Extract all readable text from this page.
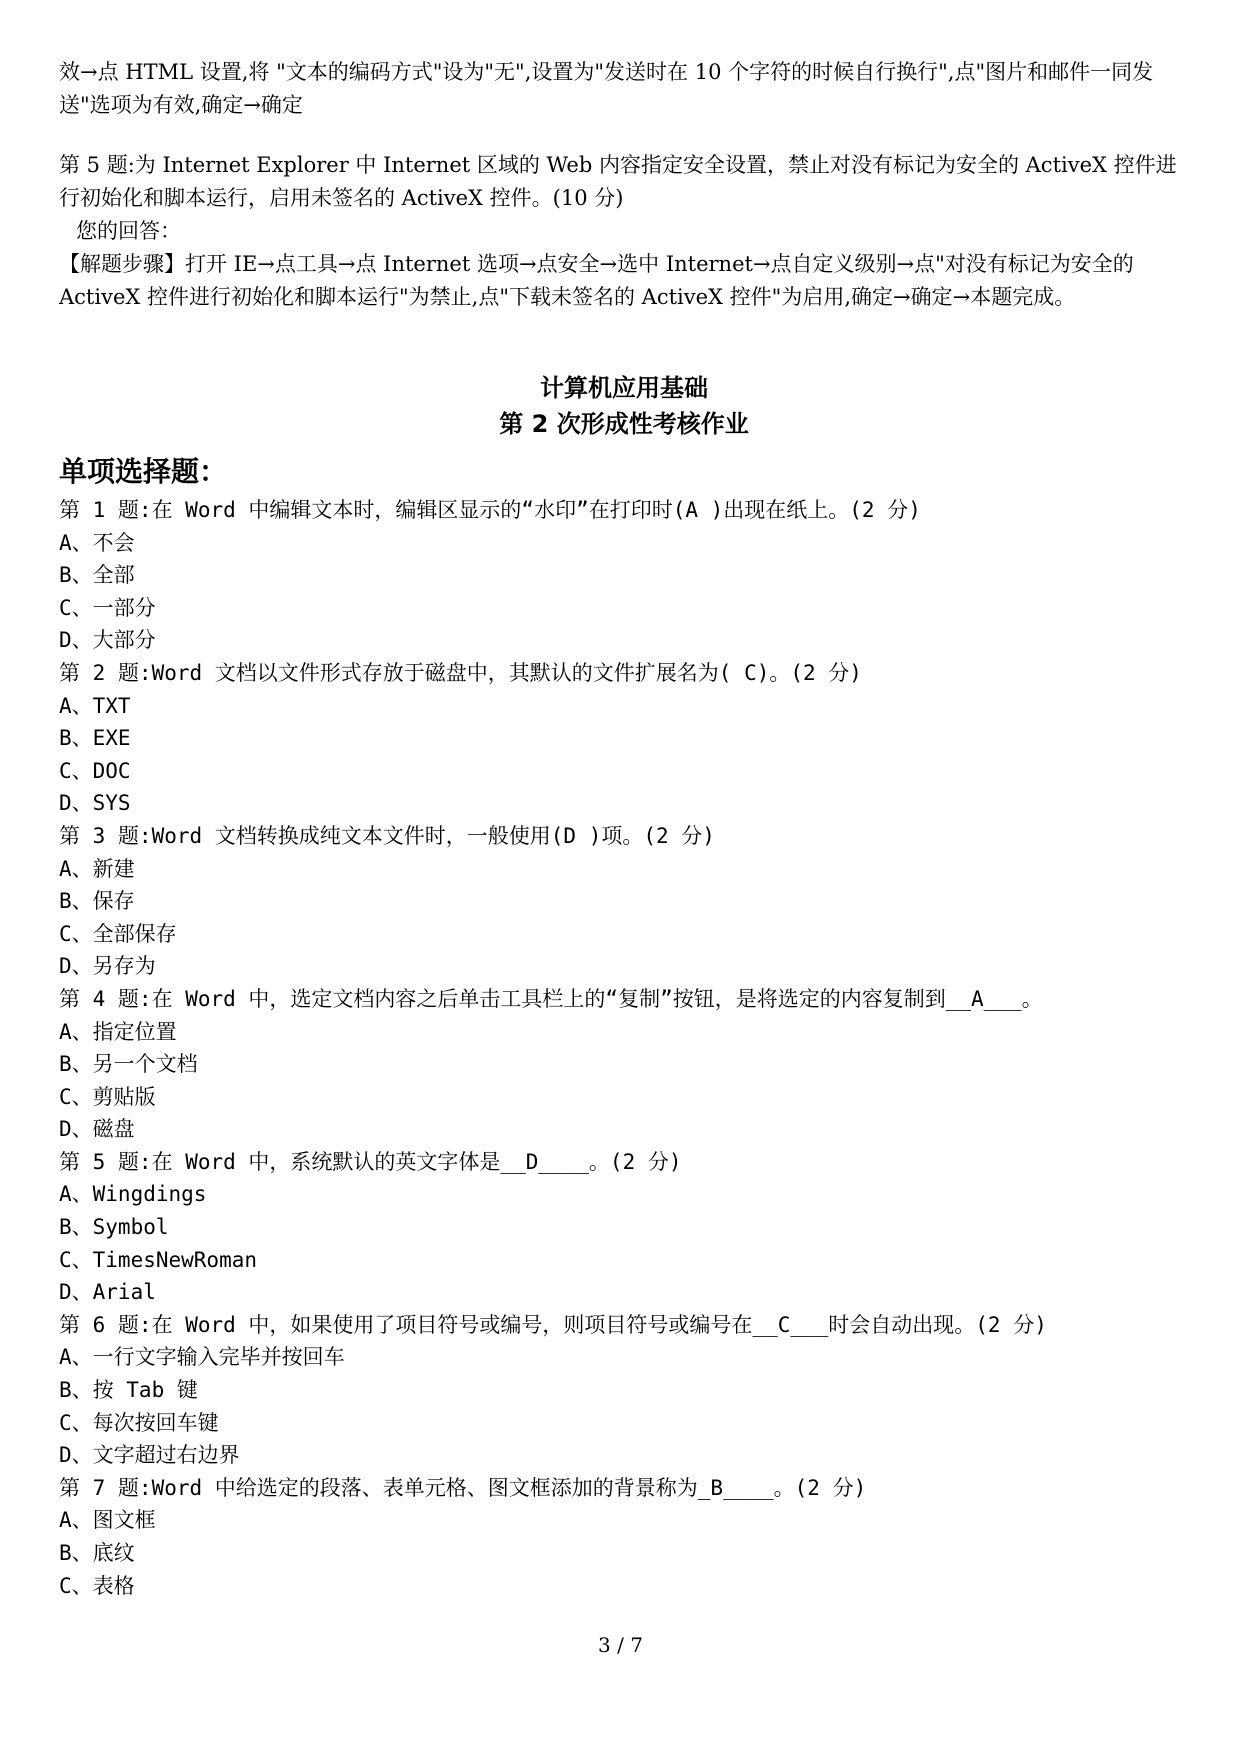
效→点 HTML 设置,将 "文本的编码方式"设为"无",设置为"发送时在 10 个字符的时候自行换行",点"图片和邮件一同发送"选项为有效,确定→确定

第 5 题:为 Internet Explorer 中 Internet 区域的 Web 内容指定安全设置，禁止对没有标记为安全的 ActiveX 控件进行初始化和脚本运行，启用未签名的 ActiveX 控件。(10 分)

您的回答：

【解题步骤】打开 IE→点工具→点 Internet 选项→点安全→选中 Internet→点自定义级别→点"对没有标记为安全的 ActiveX 控件进行初始化和脚本运行"为禁止,点"下载未签名的 ActiveX 控件"为启用,确定→确定→本题完成。

计算机应用基础
第 2 次形成性考核作业
单项选择题：
第 1 题:在 Word 中编辑文本时，编辑区显示的“水印”在打印时(A )出现在纸上。(2 分)
A、不会
B、全部
C、一部分
D、大部分
第 2 题:Word 文档以文件形式存放于磁盘中，其默认的文件扩展名为( C)。(2 分)
A、TXT
B、EXE
C、DOC
D、SYS
第 3 题:Word 文档转换成纯文本文件时，一般使用(D )项。(2 分)
A、新建
B、保存
C、全部保存
D、另存为
第 4 题:在 Word 中，选定文档内容之后单击工具栏上的“复制”按钮，是将选定的内容复制到__A___。
A、指定位置
B、另一个文档
C、剪贴版
D、磁盘
第 5 题:在 Word 中，系统默认的英文字体是__D____。(2 分)
A、Wingdings
B、Symbol
C、TimesNewRoman
D、Arial
第 6 题:在 Word 中，如果使用了项目符号或编号，则项目符号或编号在__C___时会自动出现。(2 分)
A、一行文字输入完毕并按回车
B、按 Tab 键
C、每次按回车键
D、文字超过右边界
第 7 题:Word 中给选定的段落、表单元格、图文框添加的背景称为_B____。(2 分)
A、图文框
B、底纹
C、表格
3 / 7
